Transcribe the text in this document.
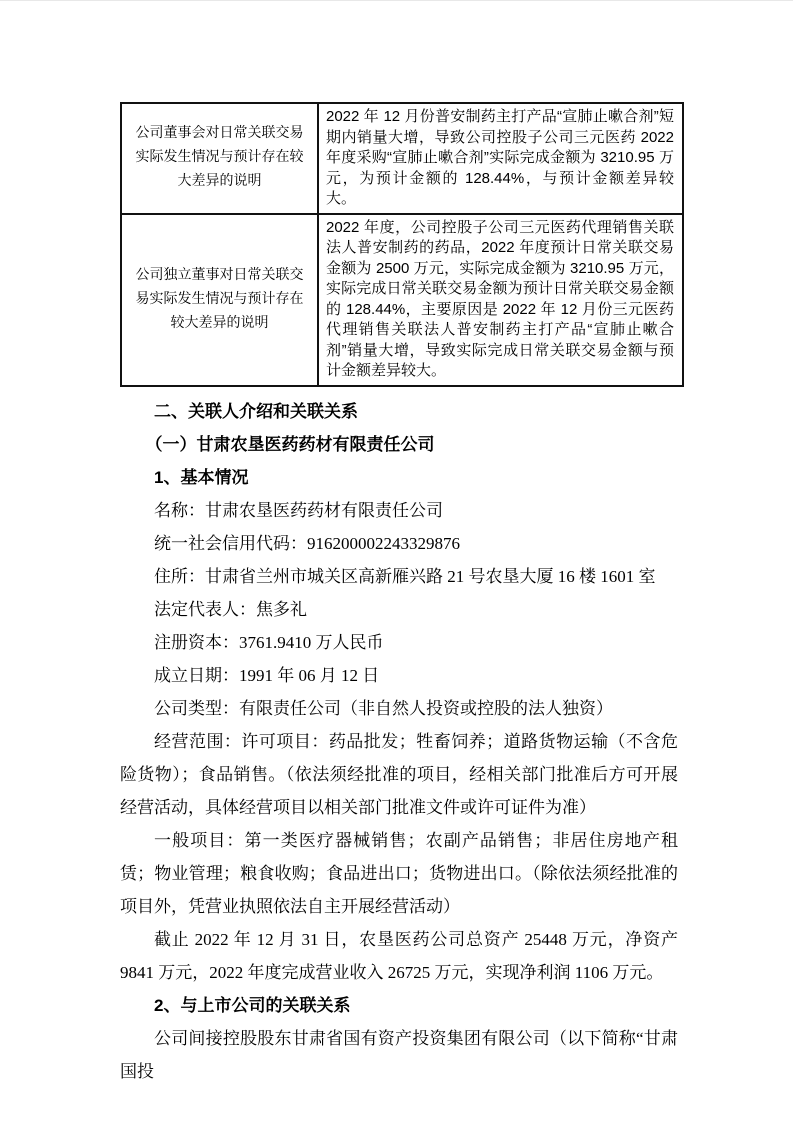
公司董事会对日常关联交易实际发生情况与预计存在较大差异的说明	2022 年 12 月份普安制药主打产品“宣肺止嗽合剂”短期内销量大增，导致公司控股子公司三元医药 2022 年度采购“宣肺止嗽合剂”实际完成金额为 3210.95 万元，为预计金额的 128.44%，与预计金额差异较大。
公司独立董事对日常关联交易实际发生情况与预计存在较大差异的说明	2022 年度，公司控股子公司三元医药代理销售关联法人普安制药的药品，2022 年度预计日常关联交易金额为 2500 万元，实际完成金额为 3210.95 万元，实际完成日常关联交易金额为预计日常关联交易金额的 128.44%，主要原因是 2022 年 12 月份三元医药代理销售关联法人普安制药主打产品“宣肺止嗽合剂”销量大增，导致实际完成日常关联交易金额与预计金额差异较大。
二、关联人介绍和关联关系
（一）甘肃农垦医药药材有限责任公司
1、基本情况

名称：甘肃农垦医药药材有限责任公司

统一社会信用代码：916200002243329876

住所：甘肃省兰州市城关区高新雁兴路 21 号农垦大厦 16 楼 1601 室

法定代表人：焦多礼

注册资本：3761.9410 万人民币

成立日期：1991 年 06 月 12 日

公司类型：有限责任公司（非自然人投资或控股的法人独资）

经营范围：许可项目：药品批发；牲畜饲养；道路货物运输（不含危险货物）；食品销售。（依法须经批准的项目，经相关部门批准后方可开展经营活动，具体经营项目以相关部门批准文件或许可证件为准）

一般项目：第一类医疗器械销售；农副产品销售；非居住房地产租赁；物业管理；粮食收购；食品进出口；货物进出口。（除依法须经批准的项目外，凭营业执照依法自主开展经营活动）

截止 2022 年 12 月 31 日，农垦医药公司总资产 25448 万元，净资产 9841 万元，2022 年度完成营业收入 26725 万元，实现净利润 1106 万元。

2、与上市公司的关联关系

公司间接控股股东甘肃省国有资产投资集团有限公司（以下简称“甘肃国投
